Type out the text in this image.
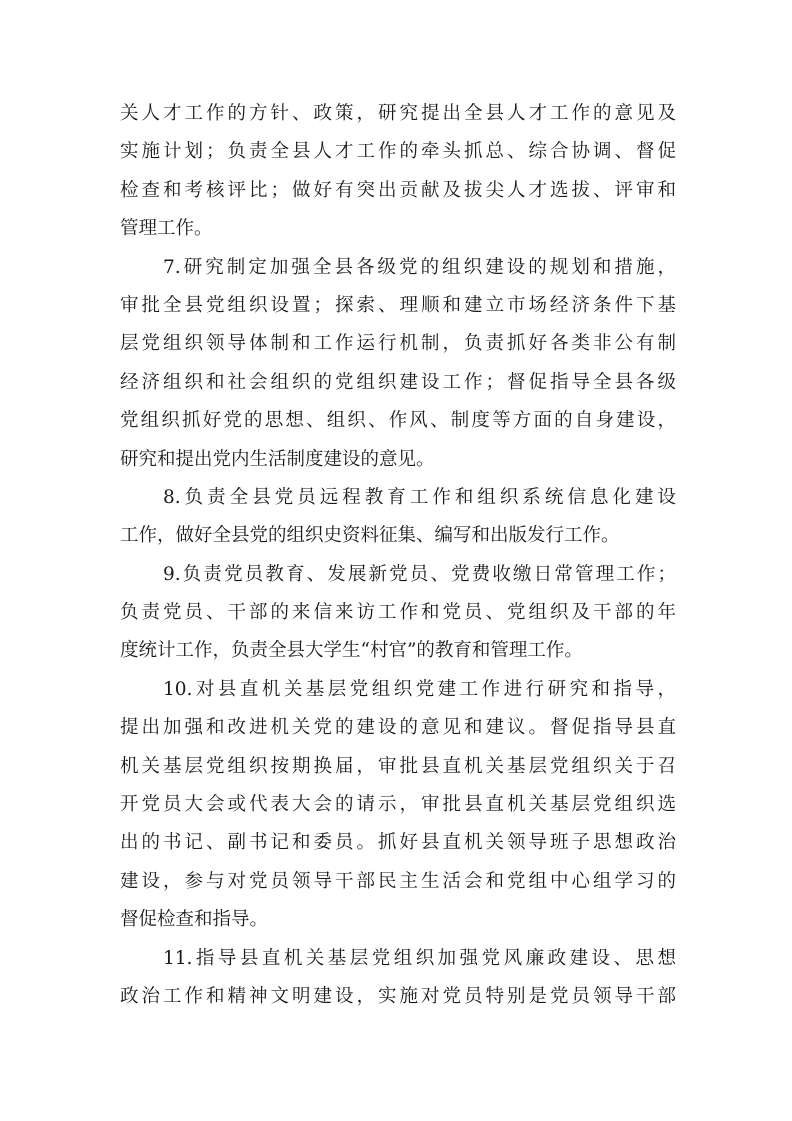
关人才工作的方针、政策，研究提出全县人才工作的意见及
实施计划；负责全县人才工作的牵头抓总、综合协调、督促
检查和考核评比；做好有突出贡献及拔尖人才选拔、评审和
管理工作。
7.研究制定加强全县各级党的组织建设的规划和措施，
审批全县党组织设置；探索、理顺和建立市场经济条件下基
层党组织领导体制和工作运行机制，负责抓好各类非公有制
经济组织和社会组织的党组织建设工作；督促指导全县各级
党组织抓好党的思想、组织、作风、制度等方面的自身建设，
研究和提出党内生活制度建设的意见。
8.负责全县党员远程教育工作和组织系统信息化建设
工作，做好全县党的组织史资料征集、编写和出版发行工作。
9.负责党员教育、发展新党员、党费收缴日常管理工作；
负责党员、干部的来信来访工作和党员、党组织及干部的年
度统计工作，负责全县大学生“村官”的教育和管理工作。
10.对县直机关基层党组织党建工作进行研究和指导，
提出加强和改进机关党的建设的意见和建议。督促指导县直
机关基层党组织按期换届，审批县直机关基层党组织关于召
开党员大会或代表大会的请示，审批县直机关基层党组织选
出的书记、副书记和委员。抓好县直机关领导班子思想政治
建设，参与对党员领导干部民主生活会和党组中心组学习的
督促检查和指导。
11.指导县直机关基层党组织加强党风廉政建设、思想
政治工作和精神文明建设，实施对党员特别是党员领导干部
